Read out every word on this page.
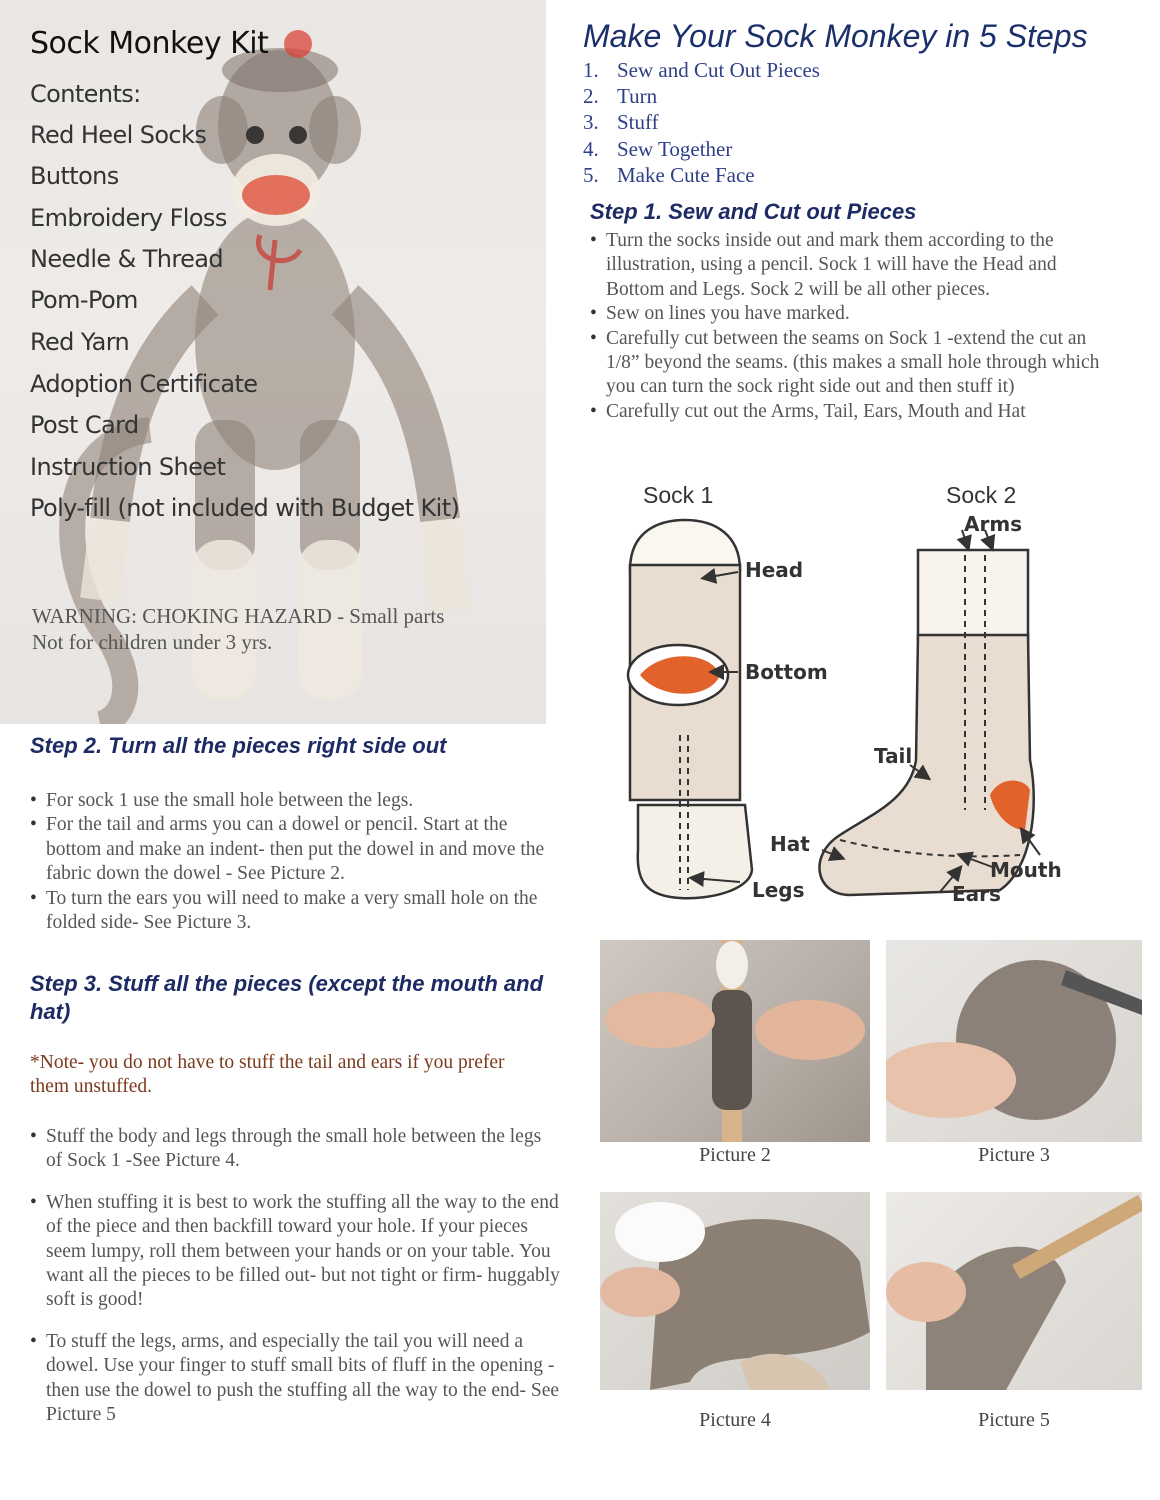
Sock Monkey Kit
Contents:
Red Heel Socks
Buttons
Embroidery Floss
Needle & Thread
Pom-Pom
Red Yarn
Adoption Certificate
Post Card
Instruction Sheet
Poly-fill (not included with Budget Kit)
WARNING: CHOKING HAZARD - Small parts
Not for children under 3 yrs.
Make Your Sock Monkey in 5 Steps
1. Sew and Cut Out Pieces
2. Turn
3. Stuff
4. Sew Together
5. Make Cute Face
Step 1. Sew and Cut out Pieces
• Turn the socks inside out and mark them according to the illustration, using a pencil. Sock 1 will have the Head and Bottom and Legs. Sock 2 will be all other pieces.
• Sew on lines you have marked.
• Carefully cut between the seams on Sock 1 -extend the cut an 1/8” beyond the seams. (this makes a small hole through which you can turn the sock right side out and then stuff it)
• Carefully cut out the Arms, Tail, Ears, Mouth and Hat
Sock 1	Sock 2
Head
Bottom
Legs
Arms
Tail
Hat
Mouth
Ears
Step 2. Turn all the pieces right side out
• For sock 1 use the small hole between the legs.
• For the tail and arms you can a dowel or pencil. Start at the bottom and make an indent- then put the dowel in and move the fabric down the dowel - See Picture 2.
• To turn the ears you will need to make a very small hole on the folded side- See Picture 3.
Step 3. Stuff all the pieces (except the mouth and
hat)
*Note- you do not have to stuff the tail and ears if you prefer them unstuffed.
• Stuff the body and legs through the small hole between the legs of Sock 1 -See Picture 4.
• When stuffing it is best to work the stuffing all the way to the end of the piece and then backfill toward your hole. If your pieces seem lumpy, roll them between your hands or on your table. You want all the pieces to be filled out- but not tight or firm- huggably soft is good!
• To stuff the legs, arms, and especially the tail you will need a dowel. Use your finger to stuff small bits of fluff in the opening - then use the dowel to push the stuffing all the way to the end- See Picture 5
Picture 2	Picture 3
Picture 4	Picture 5
